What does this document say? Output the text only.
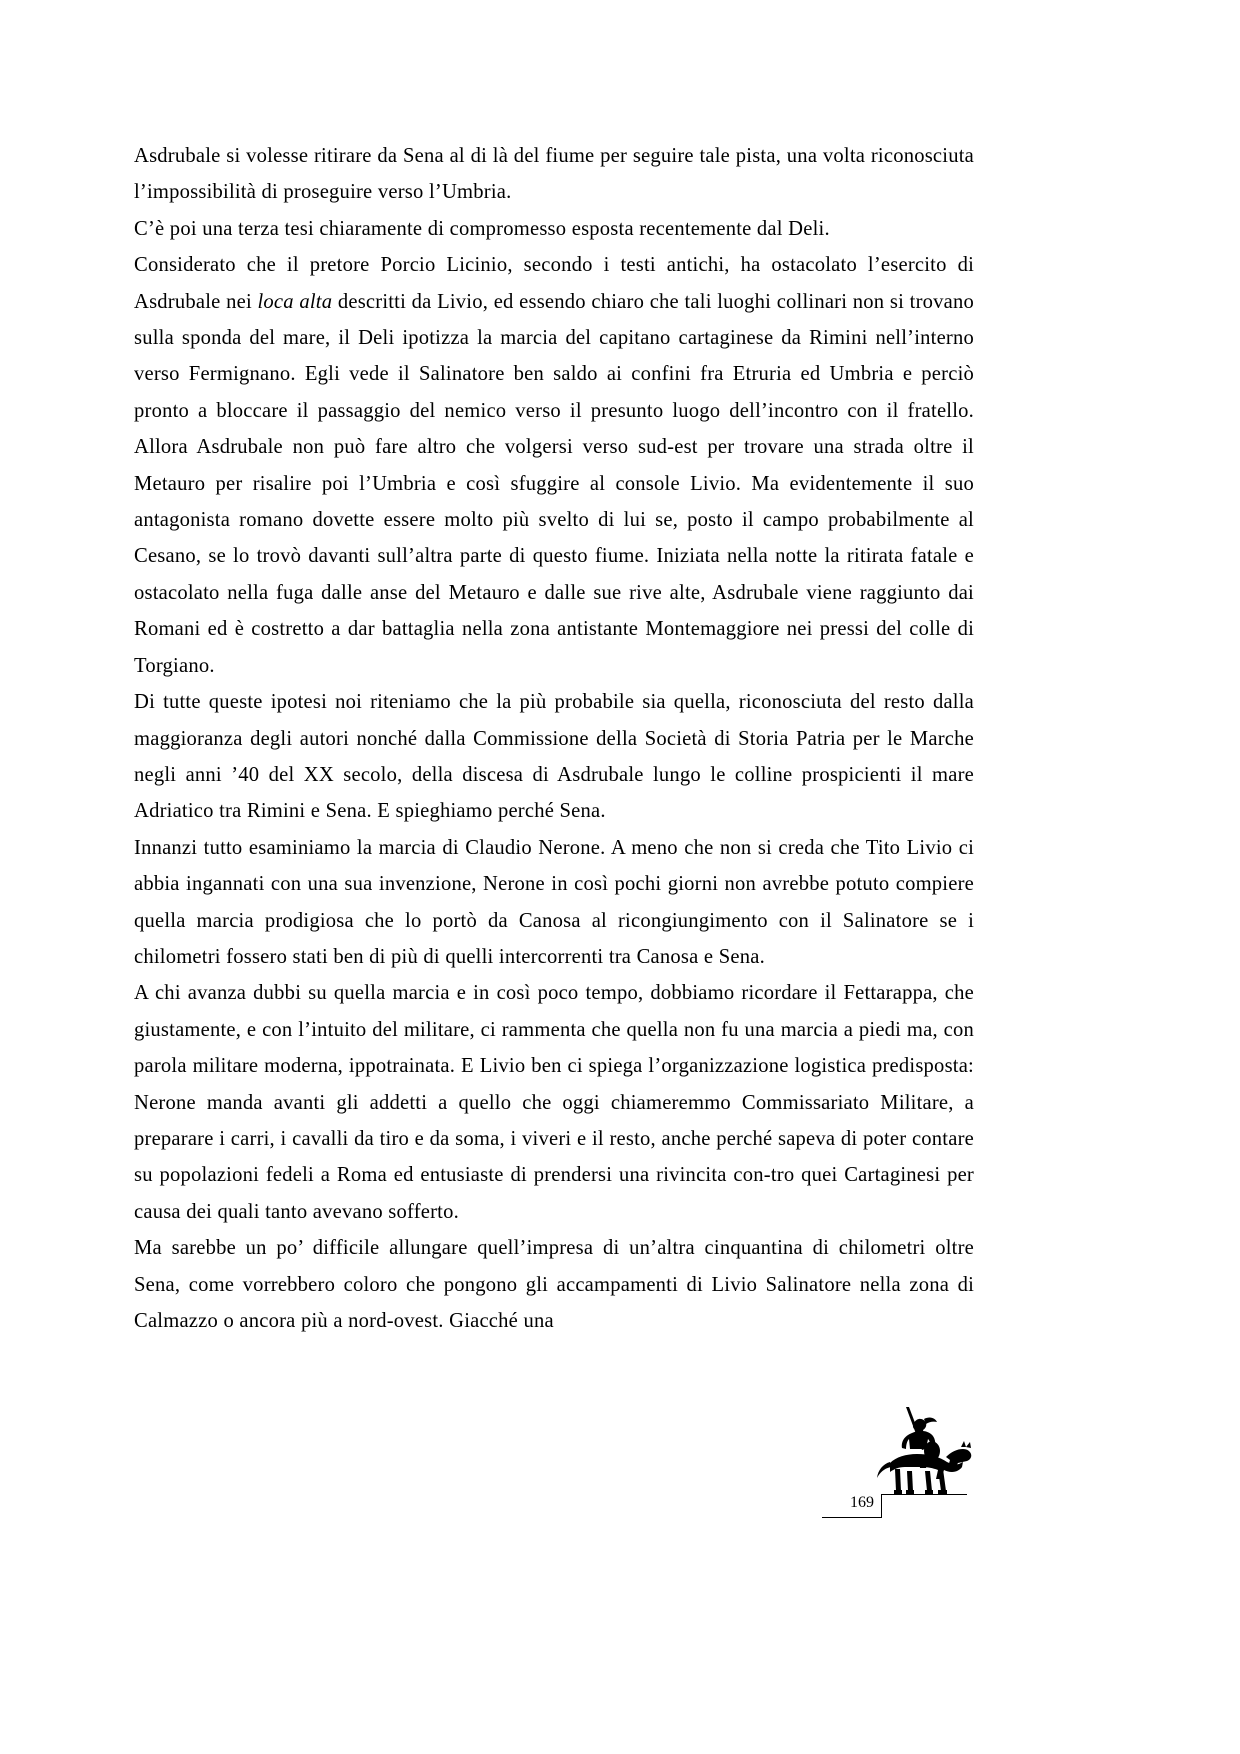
Asdrubale si volesse ritirare da Sena al di là del fiume per seguire tale pista, una volta riconosciuta l’impossibilità di proseguire verso l’Umbria.

C’è poi una terza tesi chiaramente di compromesso esposta recentemente dal Deli.

Considerato che il pretore Porcio Licinio, secondo i testi antichi, ha ostacolato l’esercito di Asdrubale nei loca alta descritti da Livio, ed essendo chiaro che tali luoghi collinari non si trovano sulla sponda del mare, il Deli ipotizza la marcia del capitano cartaginese da Rimini nell’interno verso Fermignano. Egli vede il Salinatore ben saldo ai confini fra Etruria ed Umbria e perciò pronto a bloccare il passaggio del nemico verso il presunto luogo dell’incontro con il fratello. Allora Asdrubale non può fare altro che volgersi verso sud-est per trovare una strada oltre il Metauro per risalire poi l’Umbria e così sfuggire al console Livio. Ma evidentemente il suo antagonista romano dovette essere molto più svelto di lui se, posto il campo probabilmente al Cesano, se lo trovò davanti sull’altra parte di questo fiume. Iniziata nella notte la ritirata fatale e ostacolato nella fuga dalle anse del Metauro e dalle sue rive alte, Asdrubale viene raggiunto dai Romani ed è costretto a dar battaglia nella zona antistante Montemaggiore nei pressi del colle di Torgiano.

Di tutte queste ipotesi noi riteniamo che la più probabile sia quella, riconosciuta del resto dalla maggioranza degli autori nonché dalla Commissione della Società di Storia Patria per le Marche negli anni ’40 del XX secolo, della discesa di Asdrubale lungo le colline prospicienti il mare Adriatico tra Rimini e Sena. E spieghiamo perché Sena.

Innanzi tutto esaminiamo la marcia di Claudio Nerone. A meno che non si creda che Tito Livio ci abbia ingannati con una sua invenzione, Nerone in così pochi giorni non avrebbe potuto compiere quella marcia prodigiosa che lo portò da Canosa al ricongiungimento con il Salinatore se i chilometri fossero stati ben di più di quelli intercorrenti tra Canosa e Sena.

A chi avanza dubbi su quella marcia e in così poco tempo, dobbiamo ricordare il Fettarappa, che giustamente, e con l’intuito del militare, ci rammenta che quella non fu una marcia a piedi ma, con parola militare moderna, ippotrainata. E Livio ben ci spiega l’organizzazione logistica predisposta: Nerone manda avanti gli addetti a quello che oggi chiameremmo Commissariato Militare, a preparare i carri, i cavalli da tiro e da soma, i viveri e il resto, anche perché sapeva di poter contare su popolazioni fedeli a Roma ed entusiaste di prendersi una rivincita con-tro quei Cartaginesi per causa dei quali tanto avevano sofferto.

Ma sarebbe un po’ difficile allungare quell’impresa di un’altra cinquantina di chilometri oltre Sena, come vorrebbero coloro che pongono gli accampamenti di Livio Salinatore nella zona di Calmazzo o ancora più a nord-ovest. Giacché una

169
